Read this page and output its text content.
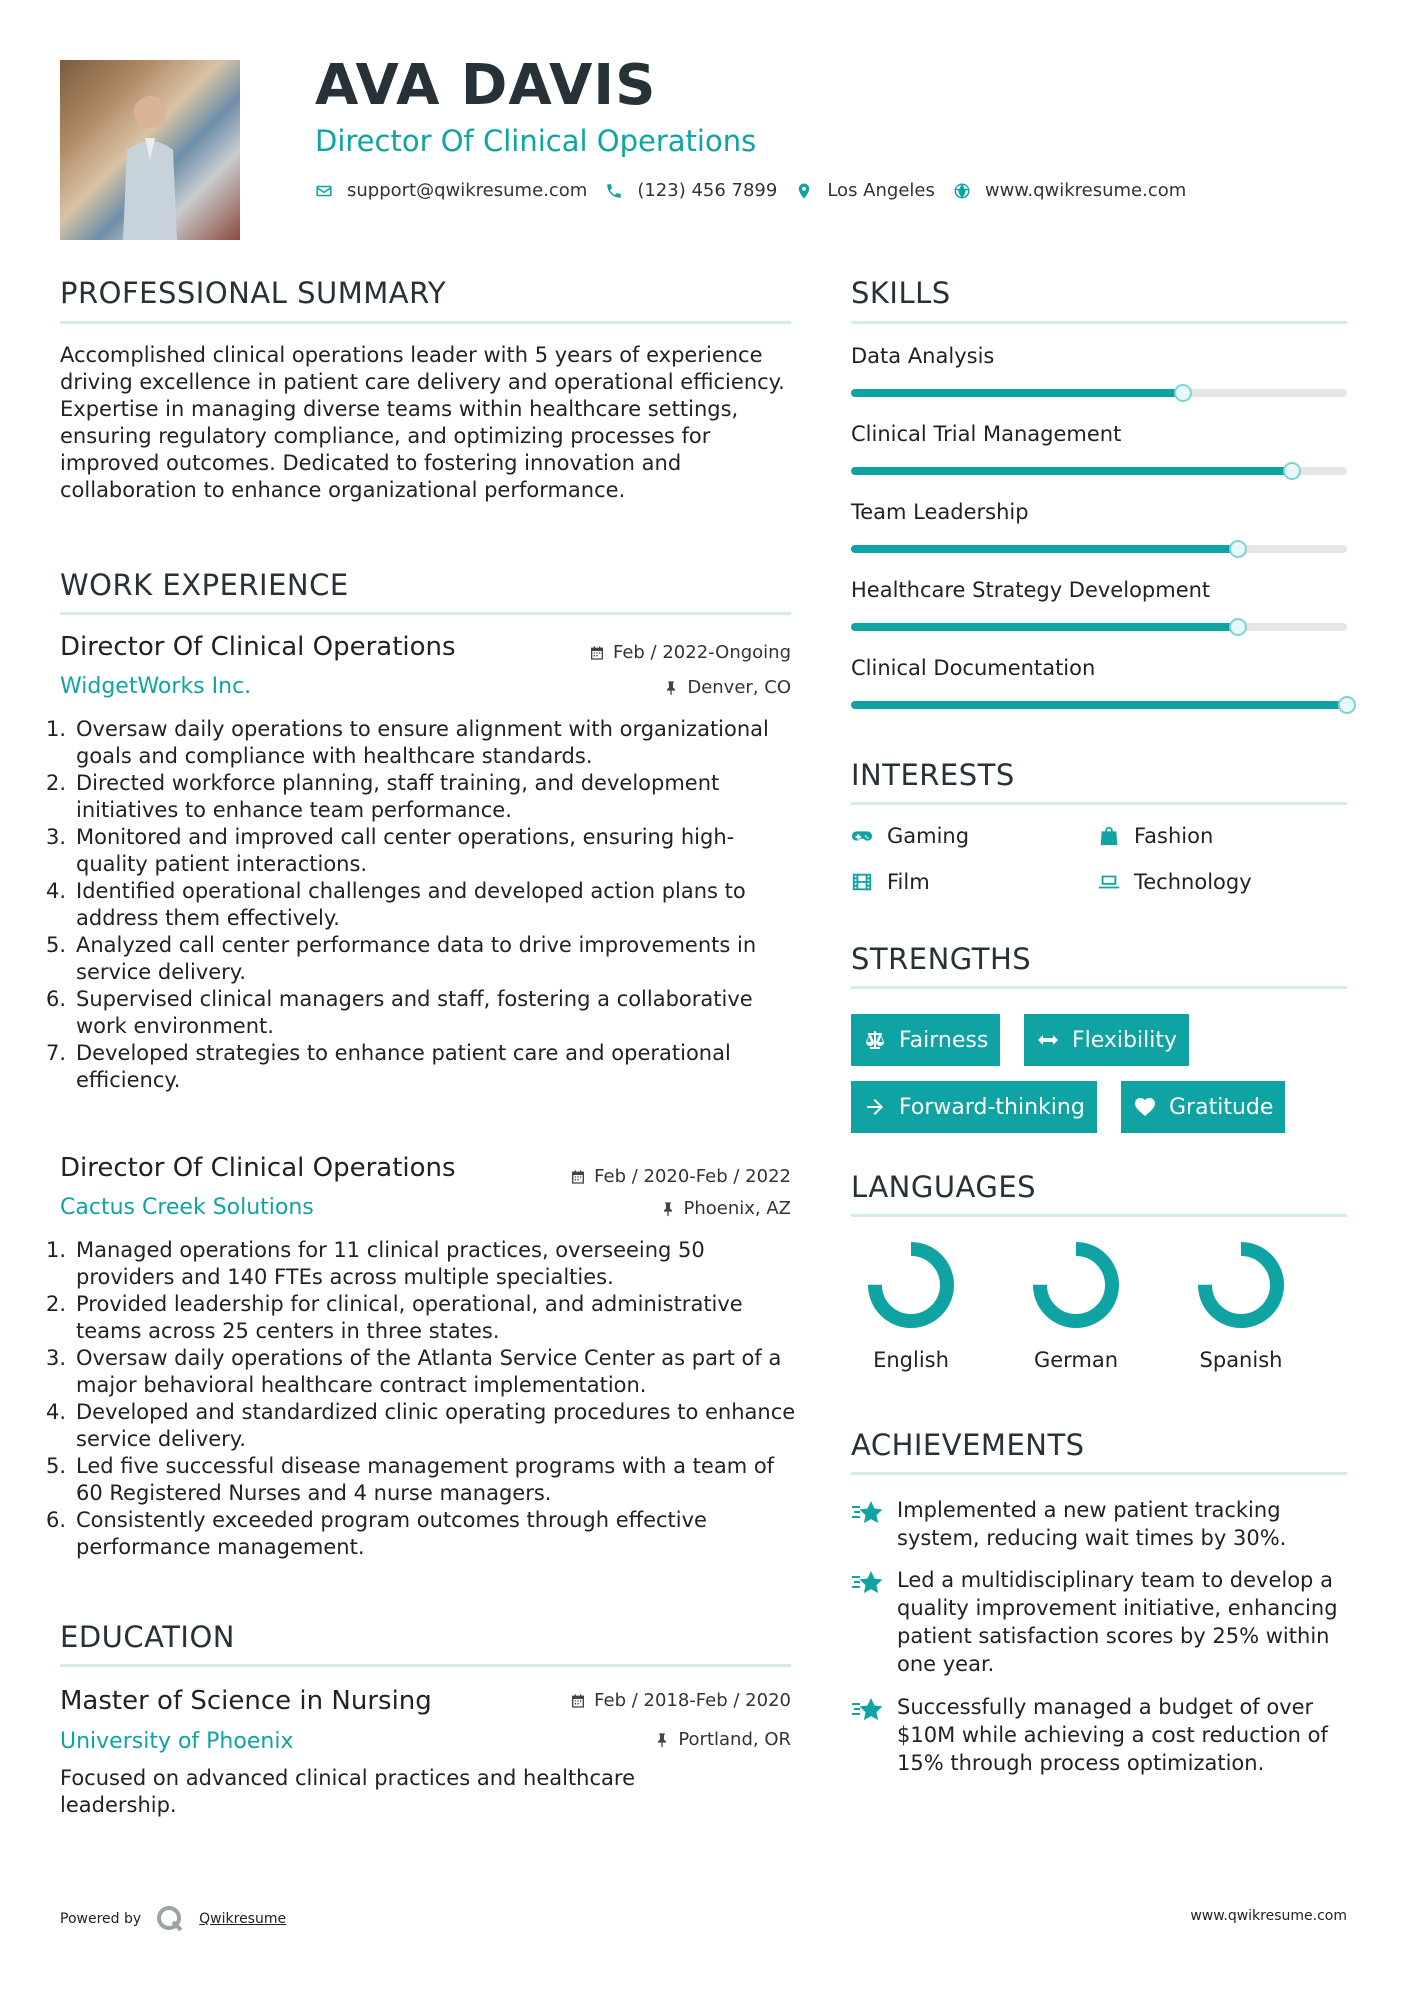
AVA DAVIS
Director Of Clinical Operations
support@qwikresume.com	(123) 456 7899	Los Angeles	www.qwikresume.com
PROFESSIONAL SUMMARY
Accomplished clinical operations leader with 5 years of experience driving excellence in patient care delivery and operational efficiency. Expertise in managing diverse teams within healthcare settings, ensuring regulatory compliance, and optimizing processes for improved outcomes. Dedicated to fostering innovation and collaboration to enhance organizational performance.
WORK EXPERIENCE
Director Of Clinical Operations	Feb / 2022-Ongoing
WidgetWorks Inc.	Denver, CO
1. Oversaw daily operations to ensure alignment with organizational goals and compliance with healthcare standards.
2. Directed workforce planning, staff training, and development initiatives to enhance team performance.
3. Monitored and improved call center operations, ensuring high-quality patient interactions.
4. Identified operational challenges and developed action plans to address them effectively.
5. Analyzed call center performance data to drive improvements in service delivery.
6. Supervised clinical managers and staff, fostering a collaborative work environment.
7. Developed strategies to enhance patient care and operational efficiency.
Director Of Clinical Operations	Feb / 2020-Feb / 2022
Cactus Creek Solutions	Phoenix, AZ
1. Managed operations for 11 clinical practices, overseeing 50 providers and 140 FTEs across multiple specialties.
2. Provided leadership for clinical, operational, and administrative teams across 25 centers in three states.
3. Oversaw daily operations of the Atlanta Service Center as part of a major behavioral healthcare contract implementation.
4. Developed and standardized clinic operating procedures to enhance service delivery.
5. Led five successful disease management programs with a team of 60 Registered Nurses and 4 nurse managers.
6. Consistently exceeded program outcomes through effective performance management.
EDUCATION
Master of Science in Nursing	Feb / 2018-Feb / 2020
University of Phoenix	Portland, OR
Focused on advanced clinical practices and healthcare leadership.
SKILLS
Data Analysis
Clinical Trial Management
Team Leadership
Healthcare Strategy Development
Clinical Documentation
INTERESTS
Gaming	Fashion
Film	Technology
STRENGTHS
Fairness	Flexibility
Forward-thinking	Gratitude
LANGUAGES
English	German	Spanish
ACHIEVEMENTS
Implemented a new patient tracking system, reducing wait times by 30%.
Led a multidisciplinary team to develop a quality improvement initiative, enhancing patient satisfaction scores by 25% within one year.
Successfully managed a budget of over $10M while achieving a cost reduction of 15% through process optimization.
Powered by	Qwikresume	www.qwikresume.com
